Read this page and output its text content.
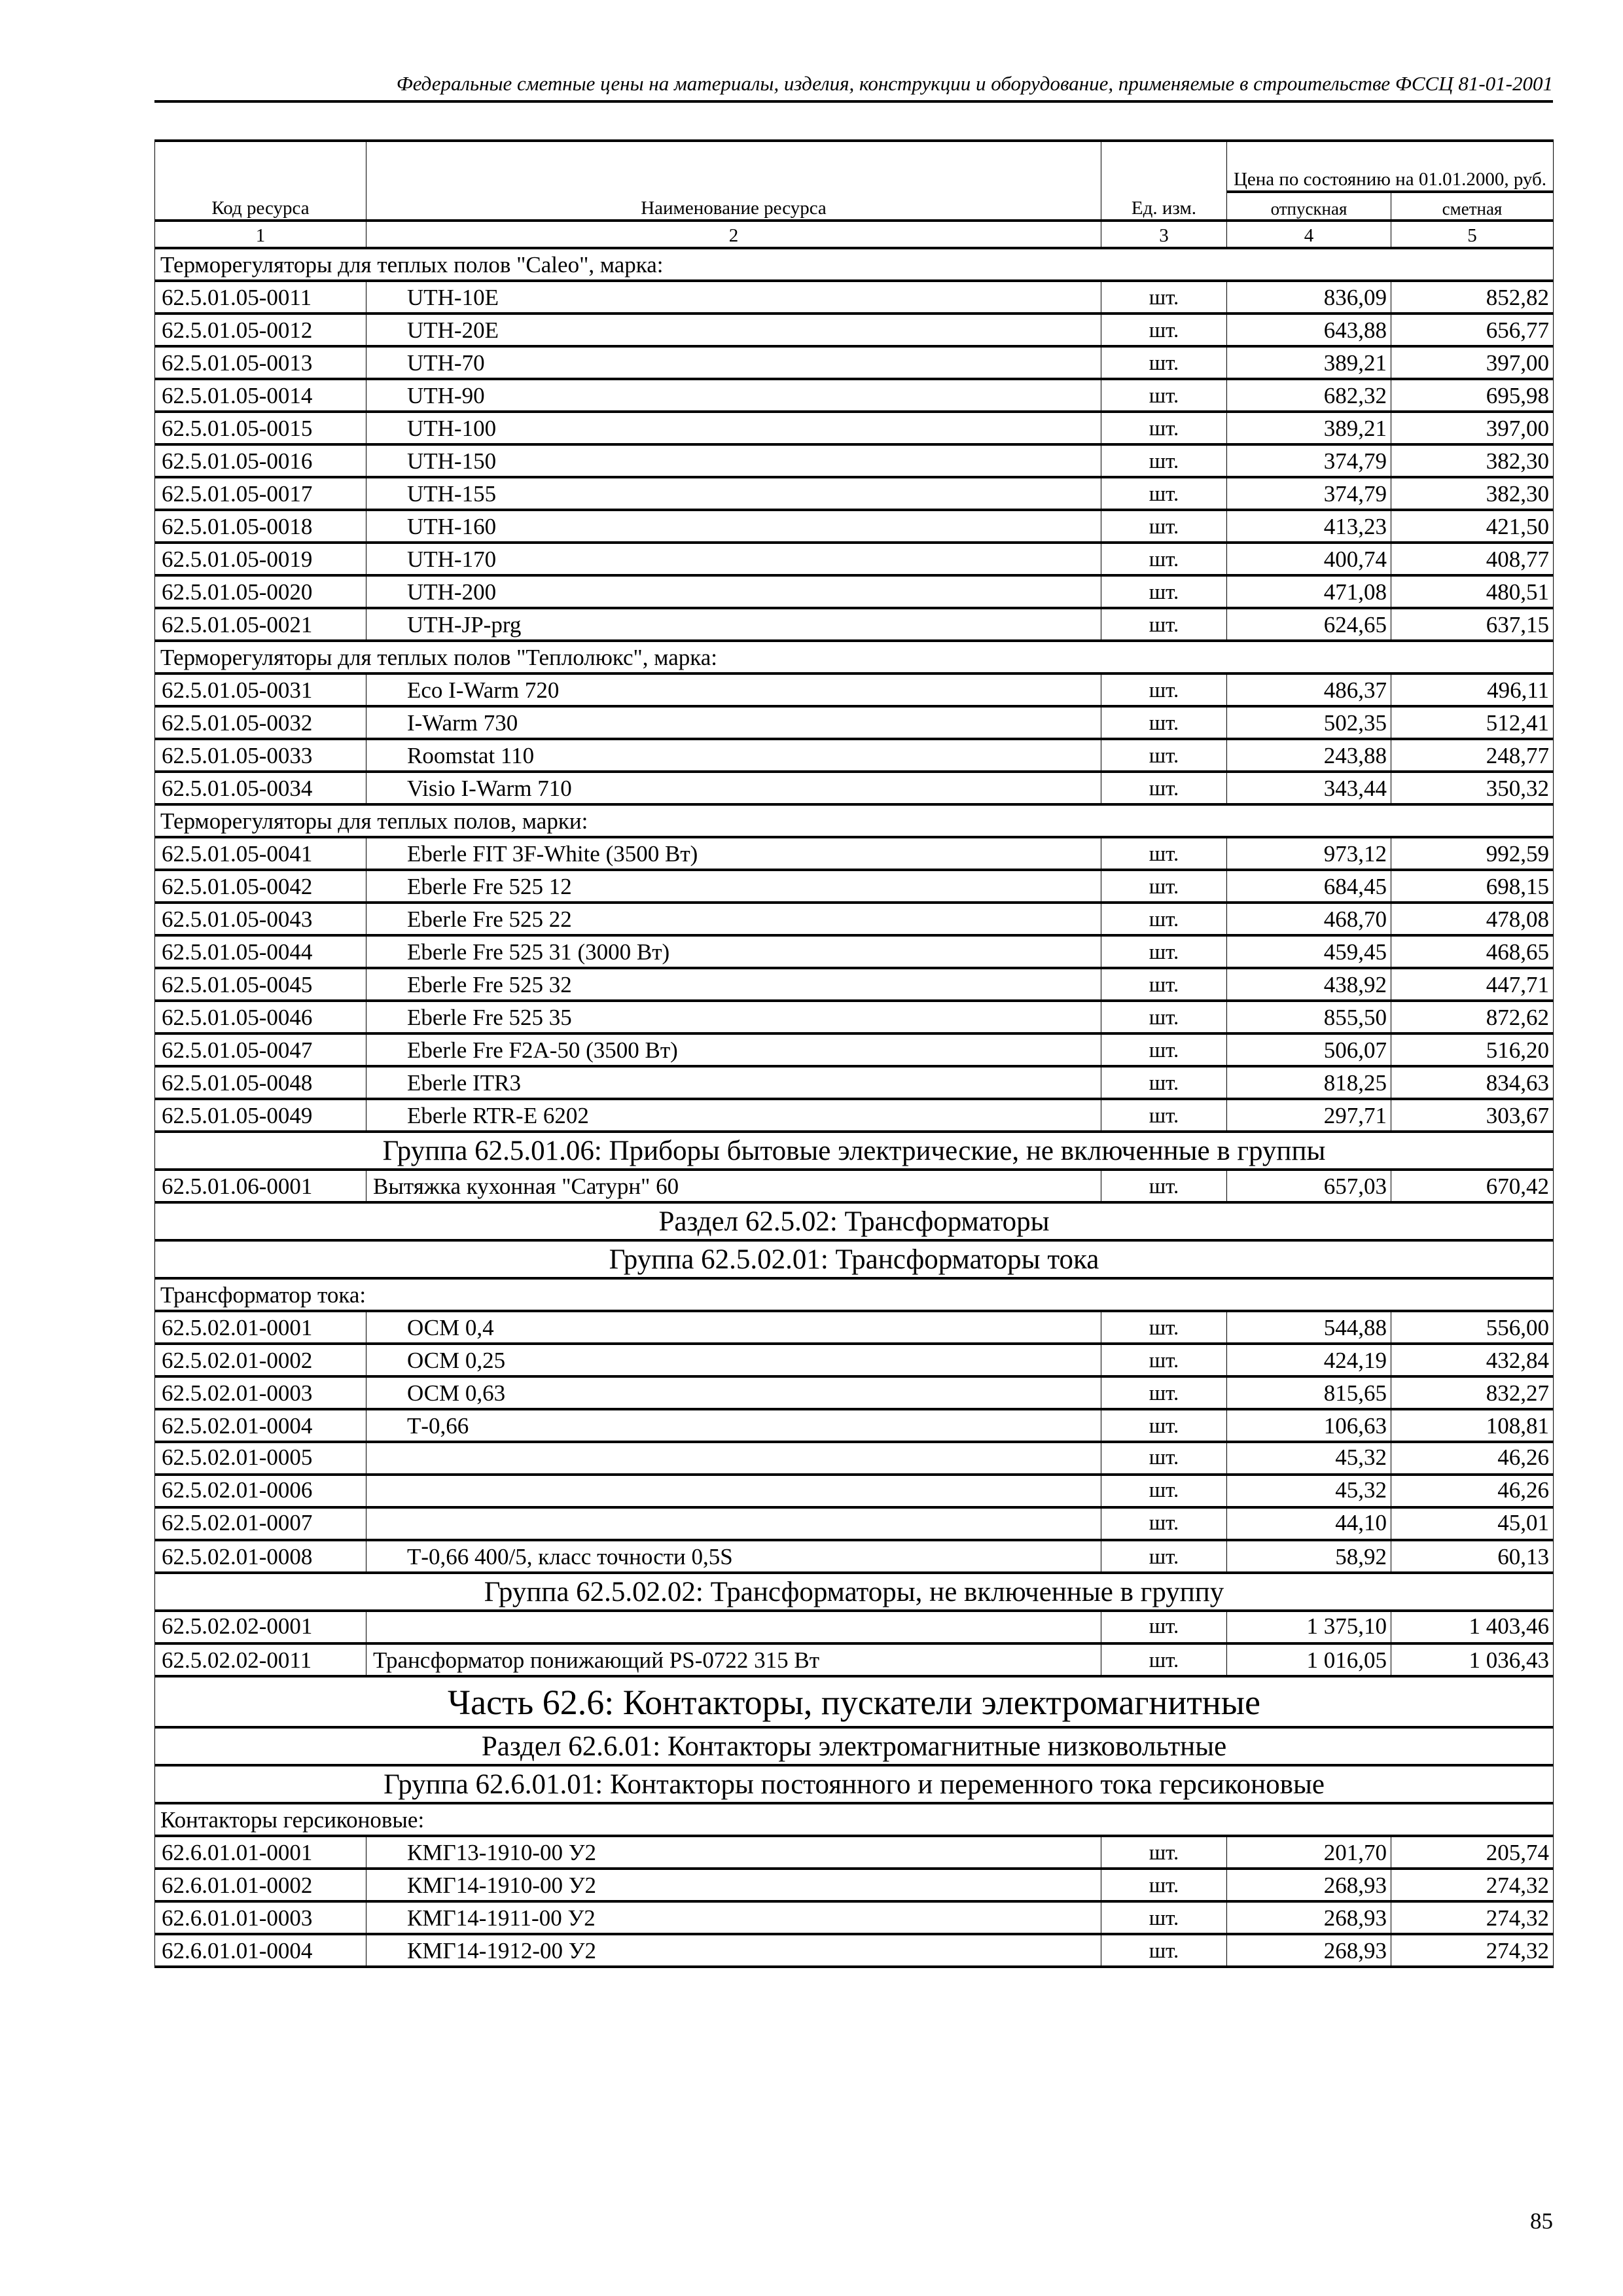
Федеральные сметные цены на материалы, изделия, конструкции и оборудование, применяемые в строительстве ФССЦ 81-01-2001
Код ресурса	Наименование ресурса	Ед. изм.	Цена по состоянию на 01.01.2000, руб.	
			отпускная	сметная
1	2	3	4	5
Терморегуляторы для теплых полов "Caleo", марка:				
62.5.01.05-0011	UTH-10E	шт.	836,09	852,82
62.5.01.05-0012	UTH-20E	шт.	643,88	656,77
62.5.01.05-0013	UTH-70	шт.	389,21	397,00
62.5.01.05-0014	UTH-90	шт.	682,32	695,98
62.5.01.05-0015	UTH-100	шт.	389,21	397,00
62.5.01.05-0016	UTH-150	шт.	374,79	382,30
62.5.01.05-0017	UTH-155	шт.	374,79	382,30
62.5.01.05-0018	UTH-160	шт.	413,23	421,50
62.5.01.05-0019	UTH-170	шт.	400,74	408,77
62.5.01.05-0020	UTH-200	шт.	471,08	480,51
62.5.01.05-0021	UTH-JP-prg	шт.	624,65	637,15
Терморегуляторы для теплых полов "Теплолюкс", марка:				
62.5.01.05-0031	Eco I-Warm 720	шт.	486,37	496,11
62.5.01.05-0032	I-Warm 730	шт.	502,35	512,41
62.5.01.05-0033	Roomstat 110	шт.	243,88	248,77
62.5.01.05-0034	Visio I-Warm 710	шт.	343,44	350,32
Терморегуляторы для теплых полов, марки:				
62.5.01.05-0041	Eberle FIT 3F-White (3500 Вт)	шт.	973,12	992,59
62.5.01.05-0042	Eberle Fre 525 12	шт.	684,45	698,15
62.5.01.05-0043	Eberle Fre 525 22	шт.	468,70	478,08
62.5.01.05-0044	Eberle Fre 525 31 (3000 Вт)	шт.	459,45	468,65
62.5.01.05-0045	Eberle Fre 525 32	шт.	438,92	447,71
62.5.01.05-0046	Eberle Fre 525 35	шт.	855,50	872,62
62.5.01.05-0047	Eberle Fre F2A-50 (3500 Вт)	шт.	506,07	516,20
62.5.01.05-0048	Eberle ITR3	шт.	818,25	834,63
62.5.01.05-0049	Eberle RTR-E 6202	шт.	297,71	303,67
Группа 62.5.01.06: Приборы бытовые электрические, не включенные в группы				
62.5.01.06-0001	Вытяжка кухонная "Сатурн" 60	шт.	657,03	670,42
Раздел 62.5.02: Трансформаторы				
Группа 62.5.02.01: Трансформаторы тока				
Трансформатор тока:				
62.5.02.01-0001	ОСМ 0,4	шт.	544,88	556,00
62.5.02.01-0002	ОСМ 0,25	шт.	424,19	432,84
62.5.02.01-0003	ОСМ 0,63	шт.	815,65	832,27
62.5.02.01-0004	Т-0,66	шт.	106,63	108,81
62.5.02.01-0005		шт.	45,32	46,26
62.5.02.01-0006		шт.	45,32	46,26
62.5.02.01-0007		шт.	44,10	45,01
62.5.02.01-0008	Т-0,66 400/5, класс точности 0,5S	шт.	58,92	60,13
Группа 62.5.02.02: Трансформаторы, не включенные в группу				
62.5.02.02-0001		шт.	1 375,10	1 403,46
62.5.02.02-0011	Трансформатор понижающий PS-0722 315 Вт	шт.	1 016,05	1 036,43
Часть 62.6: Контакторы, пускатели электромагнитные				
Раздел 62.6.01: Контакторы электромагнитные низковольтные				
Группа 62.6.01.01: Контакторы постоянного и переменного тока герсиконовые				
Контакторы герсиконовые:				
62.6.01.01-0001	КМГ13-1910-00 У2	шт.	201,70	205,74
62.6.01.01-0002	КМГ14-1910-00 У2	шт.	268,93	274,32
62.6.01.01-0003	КМГ14-1911-00 У2	шт.	268,93	274,32
62.6.01.01-0004	КМГ14-1912-00 У2	шт.	268,93	274,32
85
